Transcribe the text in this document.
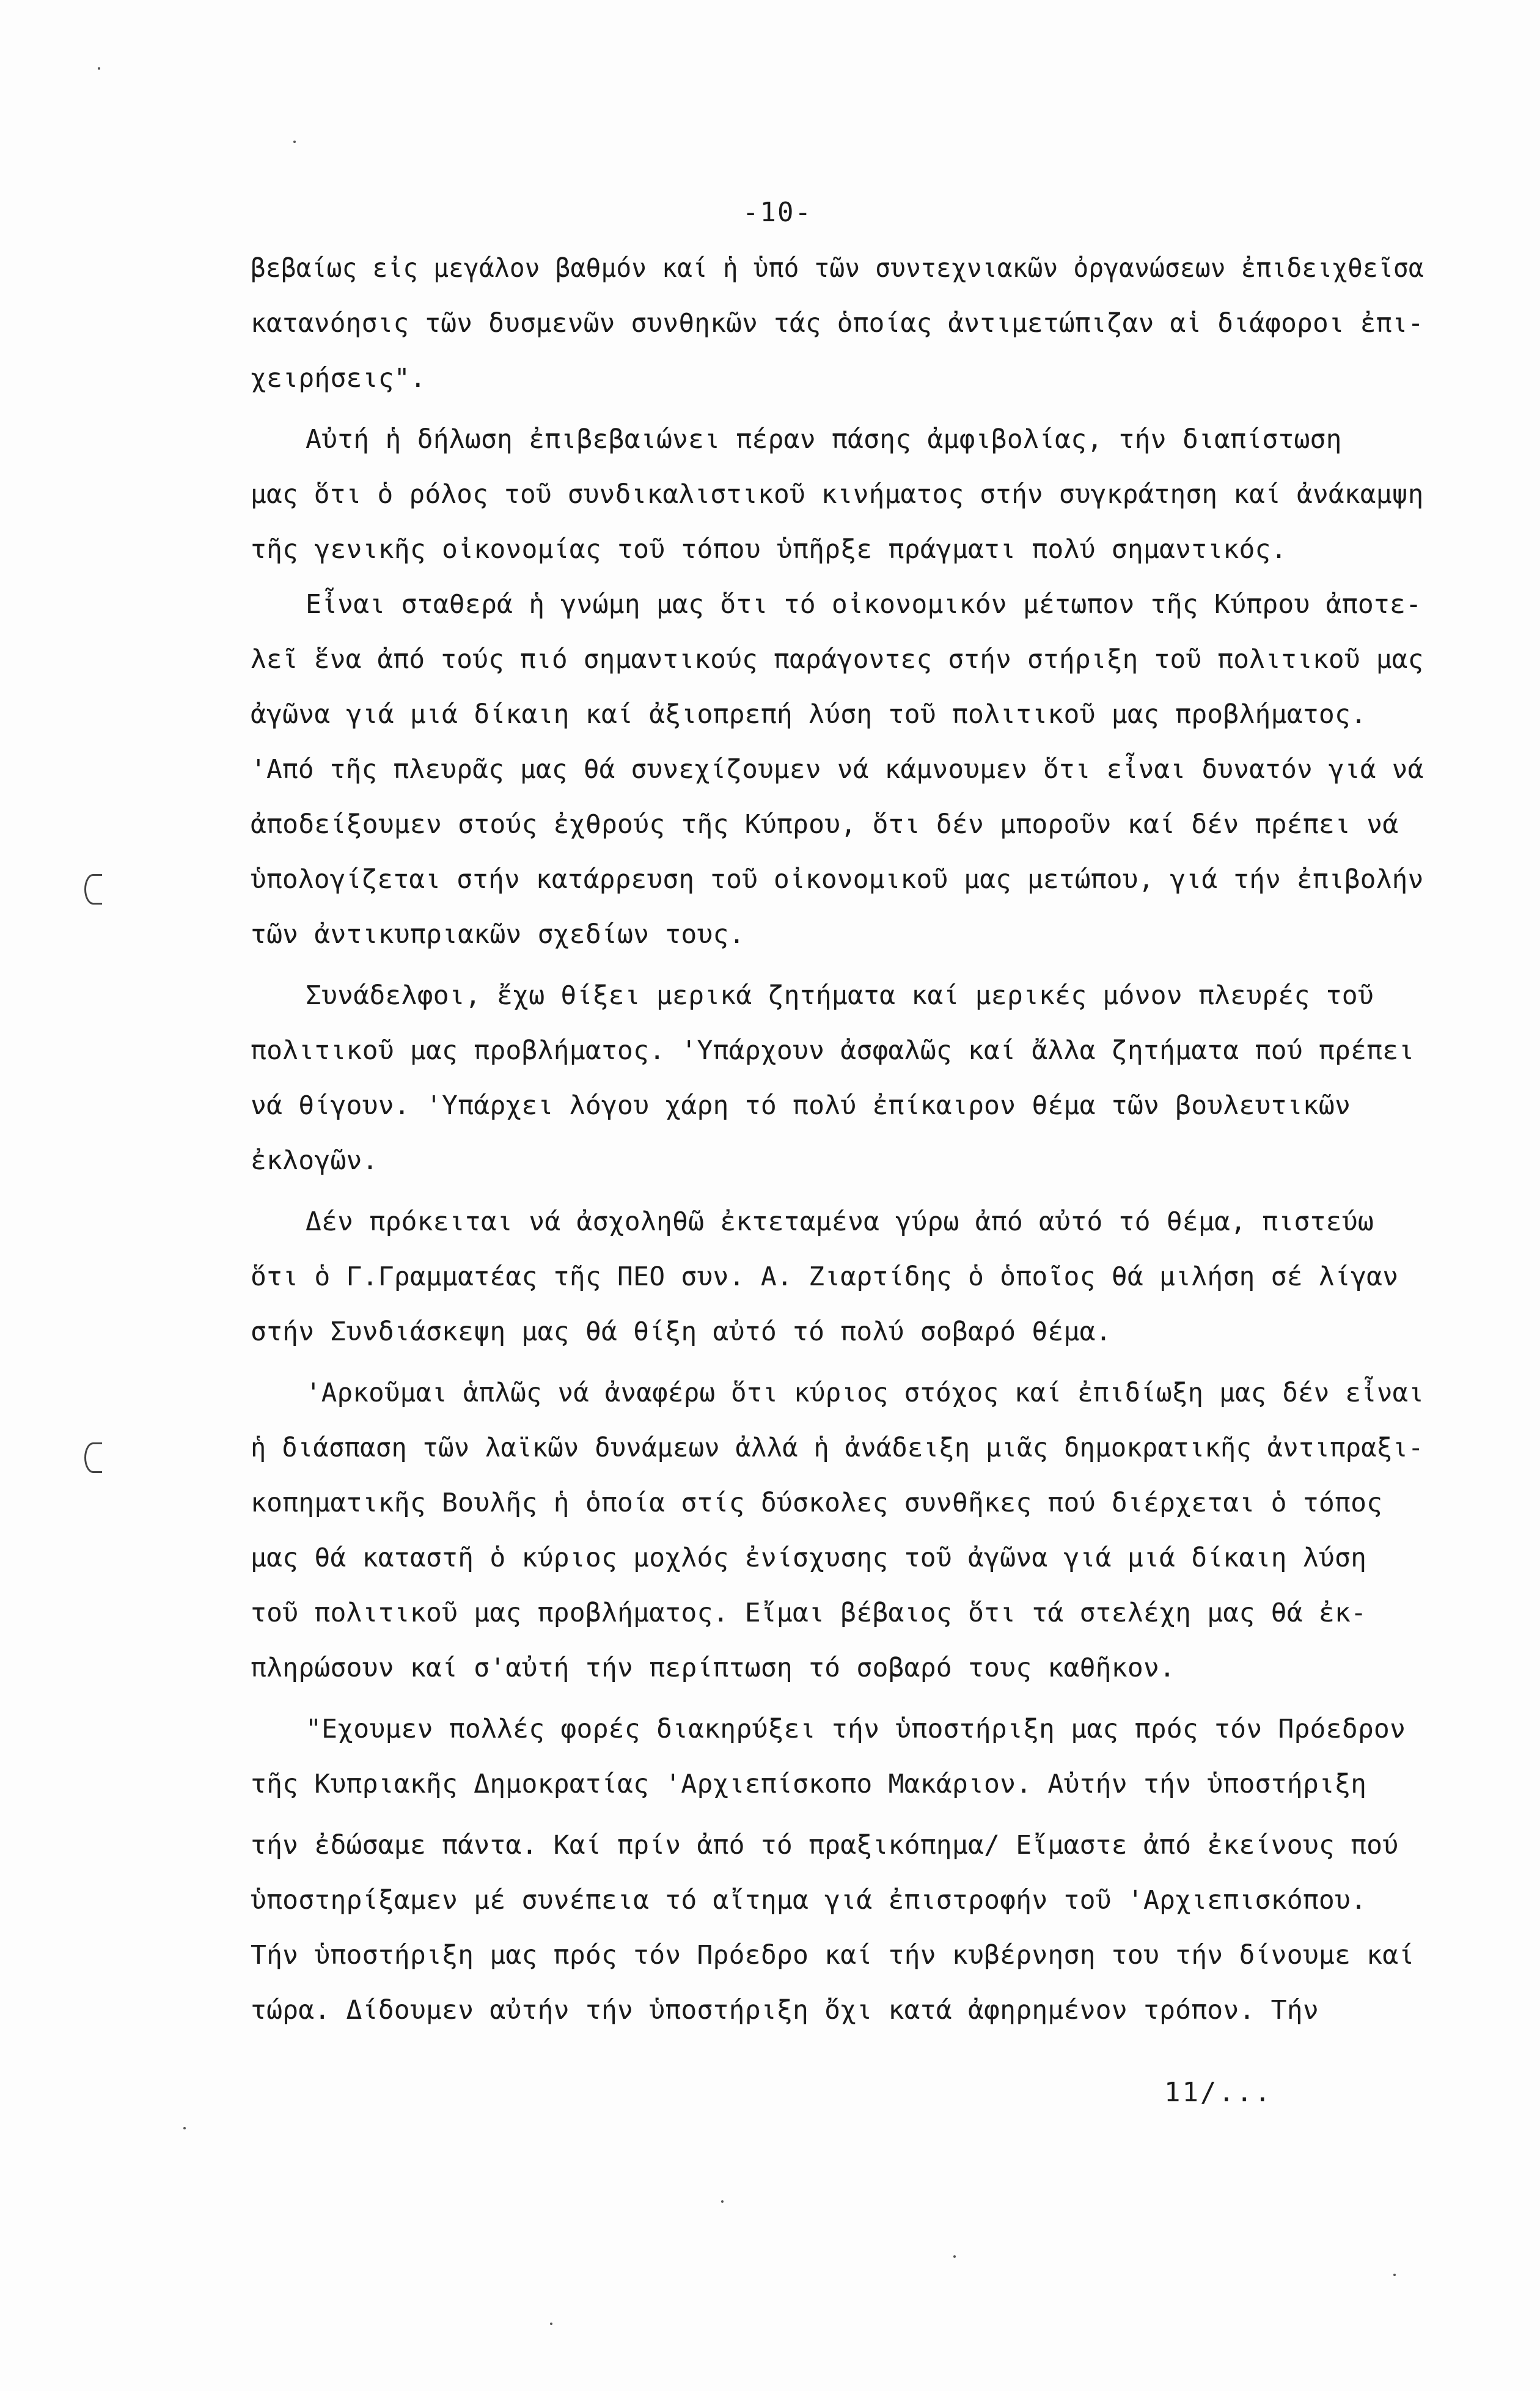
-10-
βεβαίως εἰς μεγάλον βαθμόν καί ἡ ὑπό τῶν συντεχνιακῶν ὀργανώσεων ἐπιδειχθεῖσα
κατανόησις τῶν δυσμενῶν συνθηκῶν τάς ὁποίας ἀντιμετώπιζαν αἱ διάφοροι ἐπι-
χειρήσεις".
Αὐτή ἡ δήλωση ἐπιβεβαιώνει πέραν πάσης ἀμφιβολίας, τήν διαπίστωση
μας ὅτι ὁ ρόλος τοῦ συνδικαλιστικοῦ κινήματος στήν συγκράτηση καί ἀνάκαμψη
τῆς γενικῆς οἰκονομίας τοῦ τόπου ὑπῆρξε πράγματι πολύ σημαντικός.
Εἶναι σταθερά ἡ γνώμη μας ὅτι τό οἰκονομικόν μέτωπον τῆς Κύπρου ἀποτε-
λεῖ ἕνα ἀπό τούς πιό σημαντικούς παράγοντες στήν στήριξη τοῦ πολιτικοῦ μας
ἀγῶνα γιά μιά δίκαιη καί ἀξιοπρεπή λύση τοῦ πολιτικοῦ μας προβλήματος.
'Από τῆς πλευρᾶς μας θά συνεχίζουμεν νά κάμνουμεν ὅτι εἶναι δυνατόν γιά νά
ἀποδείξουμεν στούς ἐχθρούς τῆς Κύπρου, ὅτι δέν μποροῦν καί δέν πρέπει νά
ὑπολογίζεται στήν κατάρρευση τοῦ οἰκονομικοῦ μας μετώπου, γιά τήν ἐπιβολήν
τῶν ἀντικυπριακῶν σχεδίων τους.
Συνάδελφοι, ἔχω θίξει μερικά ζητήματα καί μερικές μόνον πλευρές τοῦ
πολιτικοῦ μας προβλήματος. 'Υπάρχουν ἀσφαλῶς καί ἄλλα ζητήματα πού πρέπει
νά θίγουν. 'Υπάρχει λόγου χάρη τό πολύ ἐπίκαιρον θέμα τῶν βουλευτικῶν
ἐκλογῶν.
Δέν πρόκειται νά ἀσχοληθῶ ἐκτεταμένα γύρω ἀπό αὐτό τό θέμα, πιστεύω
ὅτι ὁ Γ.Γραμματέας τῆς ΠΕΟ συν. Α. Ζιαρτίδης ὁ ὁποῖος θά μιλήση σέ λίγαν
στήν Συνδιάσκεψη μας θά θίξη αὐτό τό πολύ σοβαρό θέμα.
'Αρκοῦμαι ἁπλῶς νά ἀναφέρω ὅτι κύριος στόχος καί ἐπιδίωξη μας δέν εἶναι
ἡ διάσπαση τῶν λαϊκῶν δυνάμεων ἀλλά ἡ ἀνάδειξη μιᾶς δημοκρατικῆς ἀντιπραξι-
κοπηματικῆς Βουλῆς ἡ ὁποία στίς δύσκολες συνθῆκες πού διέρχεται ὁ τόπος
μας θά καταστῆ ὁ κύριος μοχλός ἐνίσχυσης τοῦ ἀγῶνα γιά μιά δίκαιη λύση
τοῦ πολιτικοῦ μας προβλήματος. Εἴμαι βέβαιος ὅτι τά στελέχη μας θά ἐκ-
πληρώσουν καί σ'αὐτή τήν περίπτωση τό σοβαρό τους καθῆκον.
"Εχουμεν πολλές φορές διακηρύξει τήν ὑποστήριξη μας πρός τόν Πρόεδρον
τῆς Κυπριακῆς Δημοκρατίας 'Αρχιεπίσκοπο Μακάριον. Αὐτήν τήν ὑποστήριξη
τήν ἐδώσαμε πάντα. Καί πρίν ἀπό τό πραξικόπημα/ Εἴμαστε ἀπό ἐκείνους πού
ὑποστηρίξαμεν μέ συνέπεια τό αἴτημα γιά ἐπιστροφήν τοῦ 'Αρχιεπισκόπου.
Τήν ὑποστήριξη μας πρός τόν Πρόεδρο καί τήν κυβέρνηση του τήν δίνουμε καί
τώρα. Δίδουμεν αὐτήν τήν ὑποστήριξη ὄχι κατά ἀφηρημένον τρόπον. Τήν
11/...
